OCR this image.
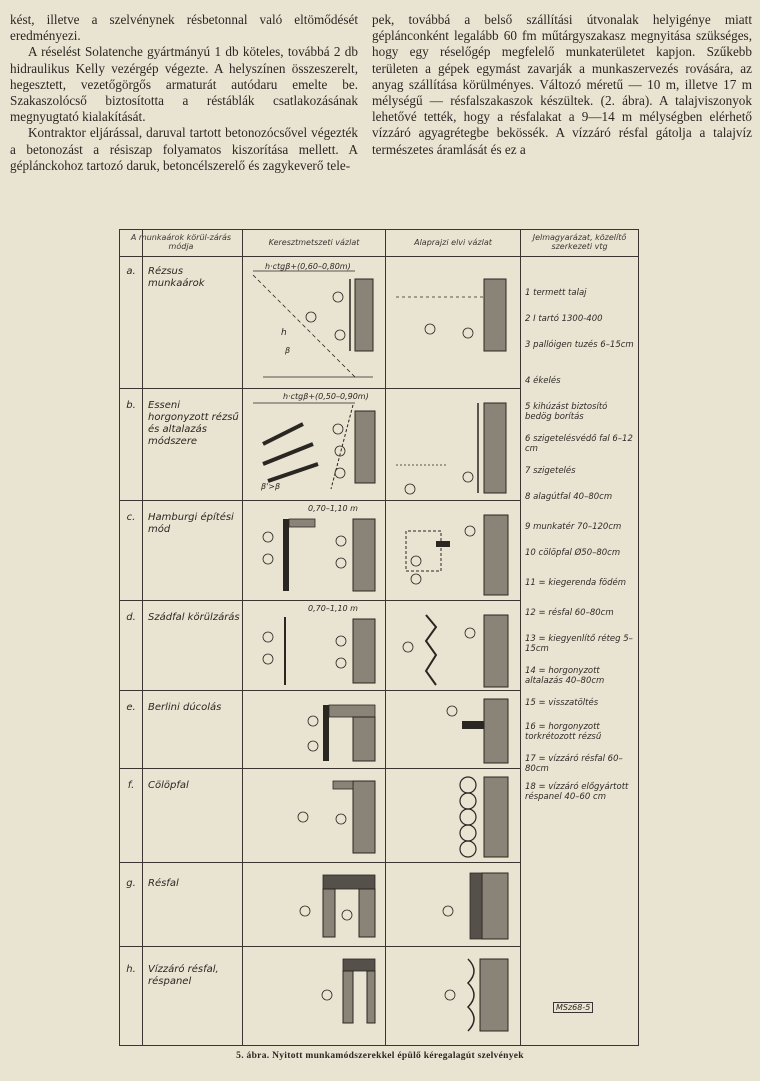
kést, illetve a szelvénynek résbetonnal való eltömődését eredményezi.

A réselést Solatenche gyártmányú 1 db köteles, továbbá 2 db hidraulikus Kelly vezérgép végezte. A helyszínen összeszerelt, hegesztett, vezetőgörgős armaturát autódaru emelte be. Szakaszolócső biztosította a réstáblák csatlakozásának megnyugtató kialakítását.

Kontraktor eljárással, daruval tartott betonozócsővel végezték a betonozást a résiszap folyamatos kiszorítása mellett. A géplánckohoz tartozó daruk, betoncélszerelő és zagykeverő tele-

pek, továbbá a belső szállítási útvonalak helyigénye miatt géplánconként legalább 60 fm műtárgyszakasz megnyitása szükséges, hogy egy réselőgép megfelelő munkaterületet kapjon. Szűkebb területen a gépek egymást zavarják a munkaszervezés rovására, az anyag szállítása körülményes. Változó méretű — 10 m, illetve 17 m mélységű — résfalszakaszok készültek. (2. ábra). A talajviszonyok lehetővé tették, hogy a résfalakat a 9—14 m mélységben elérhető vízzáró agyagrétegbe bekössék. A vízzáró résfal gátolja a talajvíz természetes áramlását és ez a

A munkaárok körül-zárás módja	Keresztmetszeti vázlat	Alaprajzi elvi vázlat
Jelmagyarázat, közelítő szerkezeti vtg
a.	Rézsus munkaárok
b.	Esseni horgonyzott rézsű és altalazás módszere
c.	Hamburgi építési mód
d.	Szádfal körülzárás
e.	Berlini dúcolás
f.	Cölöpfal
g.	Résfal
h.	Vízzáró résfal, réspanel
1 termett talaj
2 I tartó 1300-400
3 pallóigen tuzés 6–15cm
4 ékelés
5 kihúzást biztosító bedög borítás
6 szigetelésvédő fal 6–12 cm
7 szigetelés
8 alagútfal 40–80cm
9 munkatér 70–120cm
10 cölöpfal Ø50–80cm
11 = kiegerenda födém
12 = résfal 60–80cm
13 = kiegyenlítő réteg 5–15cm
14 = horgonyzott altalazás 40–80cm
15 = visszatöltés
16 = horgonyzott torkrétozott rézsű
17 = vízzáró résfal 60–80cm
18 = vízzáró előgyártott réspanel 40–60 cm
MSz68-5
h·ctgβ+(0,60–0,80m)
h
β
h·ctgβ+(0,50–0,90m)
β'>β
0,70–1,10 m
0,70–1,10 m
5. ábra. Nyitott munkamódszerekkel épülő kéregalagút szelvények
